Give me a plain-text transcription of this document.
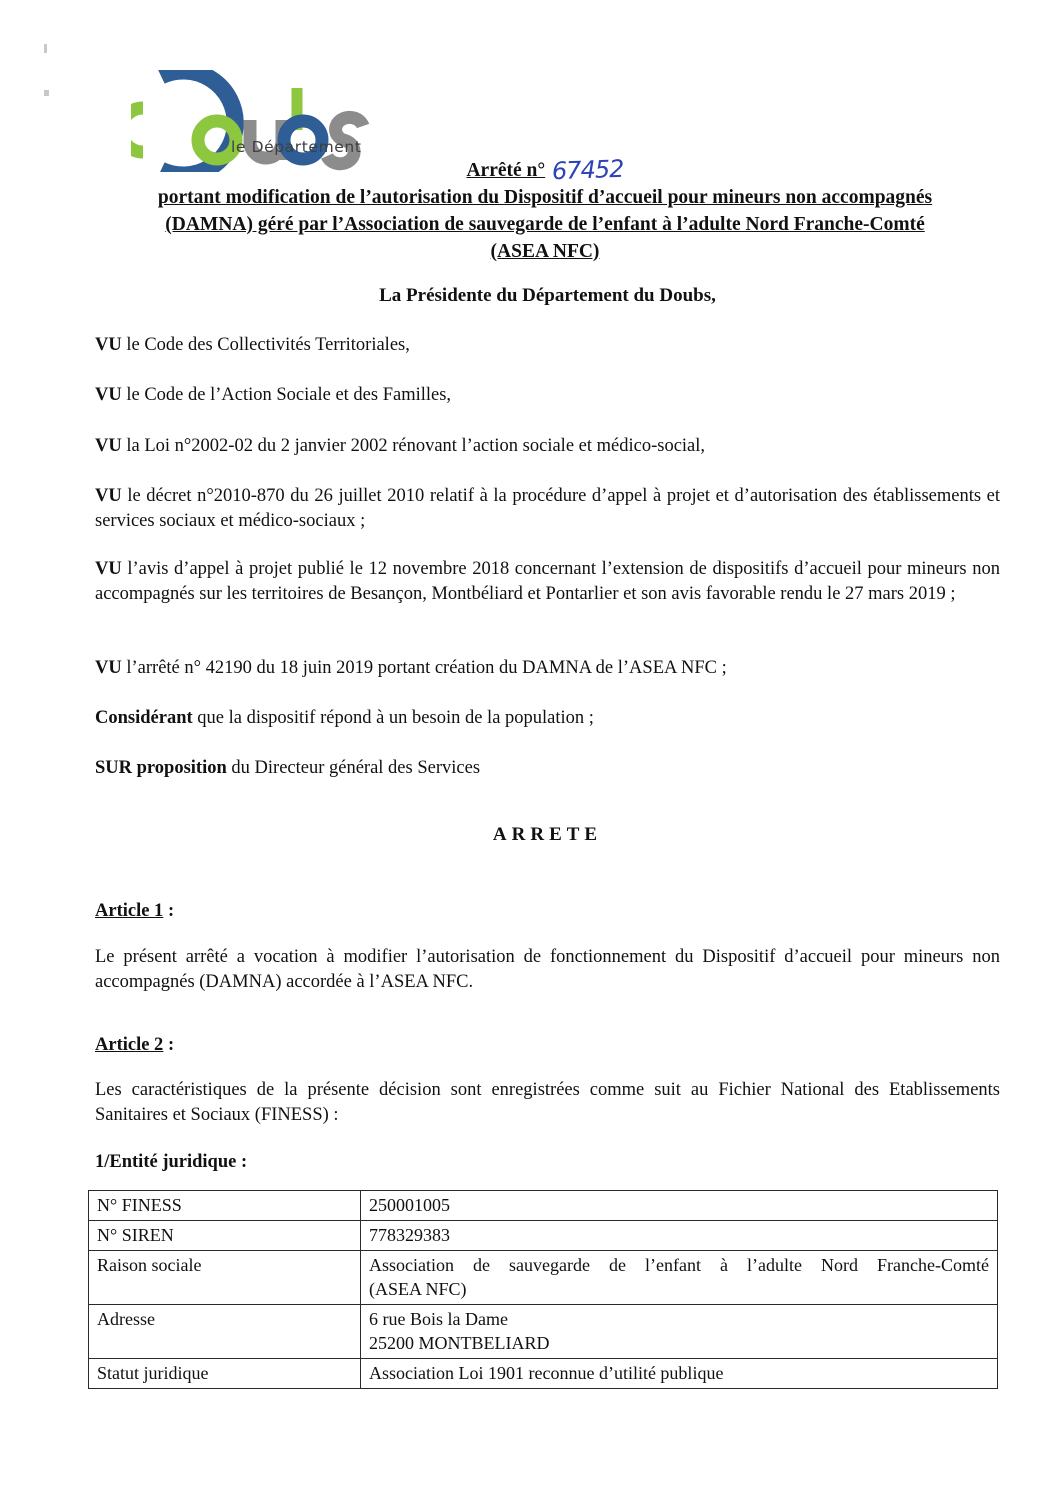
le Département
Arrêté n° 67452
portant modification de l’autorisation du Dispositif d’accueil pour mineurs non accompagnés
(DAMNA) géré par l’Association de sauvegarde de l’enfant à l’adulte Nord Franche-Comté
(ASEA NFC)
La Présidente du Département du Doubs,
VU le Code des Collectivités Territoriales,
VU le Code de l’Action Sociale et des Familles,
VU la Loi n°2002-02 du 2 janvier 2002 rénovant l’action sociale et médico-social,
VU le décret n°2010-870 du 26 juillet 2010 relatif à la procédure d’appel à projet et d’autorisation des établissements et services sociaux et médico-sociaux ;
VU l’avis d’appel à projet publié le 12 novembre 2018 concernant l’extension de dispositifs d’accueil pour mineurs non accompagnés sur les territoires de Besançon, Montbéliard et Pontarlier et son avis favorable rendu le 27 mars 2019 ;
VU l’arrêté n° 42190 du 18 juin 2019 portant création du DAMNA de l’ASEA NFC ;
Considérant que la dispositif répond à un besoin de la population ;
SUR proposition du Directeur général des Services
ARRETE
Article 1 :
Le présent arrêté a vocation à modifier l’autorisation de fonctionnement du Dispositif d’accueil pour mineurs non accompagnés (DAMNA) accordée à l’ASEA NFC.
Article 2 :
Les caractéristiques de la présente décision sont enregistrées comme suit au Fichier National des Etablissements Sanitaires et Sociaux (FINESS) :
1/Entité juridique :
N° FINESS	250001005

N° SIREN	778329383

Raison sociale	Association de sauvegarde de l’enfant à l’adulte Nord Franche-Comté
(ASEA NFC)

Adresse	6 rue Bois la Dame
25200 MONTBELIARD

Statut juridique	Association Loi 1901 reconnue d’utilité publique
